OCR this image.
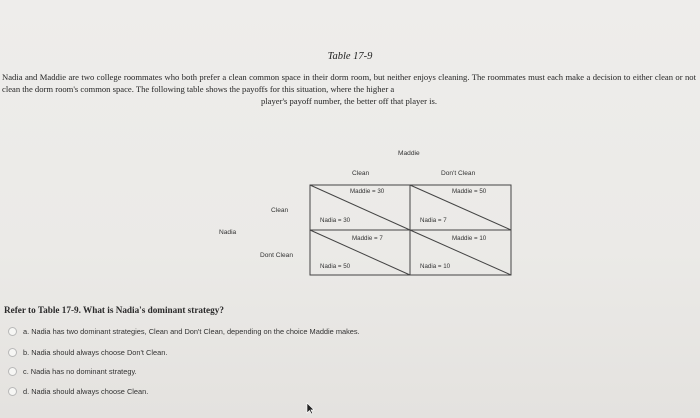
Table 17-9
Nadia and Maddie are two college roommates who both prefer a clean common space in their dorm room, but neither enjoys cleaning. The roommates must each make a decision to either clean or not clean the dorm room's common space. The following table shows the payoffs for this situation, where the higher a
player's payoff number, the better off that player is.
Maddie
Clean	Don't Clean
Clean
Nadia
Dont Clean
Maddie = 30
Nadia = 30
Maddie = 50
Nadia = 7
Maddie = 7
Nadia = 50
Maddie = 10
Nadia = 10
Refer to Table 17-9. What is Nadia's dominant strategy?
a. Nadia has two dominant strategies, Clean and Don't Clean, depending on the choice Maddie makes.
b. Nadia should always choose Don't Clean.
c. Nadia has no dominant strategy.
d. Nadia should always choose Clean.
